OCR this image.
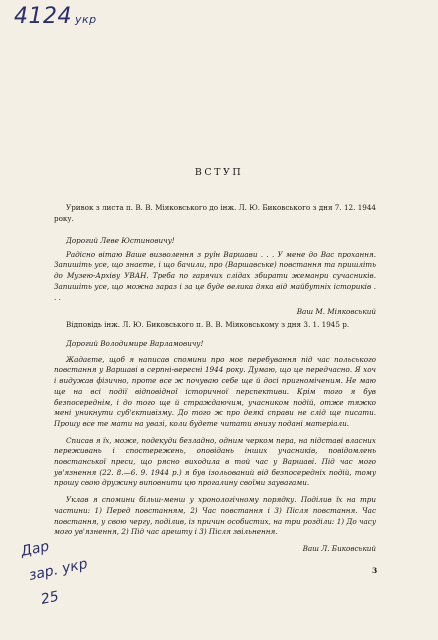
4124 укр
ВСТУП

Уривок з листа п. В. В. Міяковського до інж. Л. Ю. Биковського з дня 7. 12. 1944 року.

Дорогий Леве Юстиновичу!

Радісно вітаю Ваше визволення з руїн Варшави . . . У мене до Вас прохання. Запишіть усе, що знаєте, і що бачили, про (Варшавське) повстання та пришліть до Музею-Архіву УВАН. Треба по гарячих слідах збирати жеманри сучасників. Запишіть усе, що можна зараз і за це буде велика дяка від майбутніх істориків . . .

Ваш М. Міяковський

Відповідь інж. Л. Ю. Биковського п. В. В. Міяковському з дня 3. 1. 1945 р.

Дорогий Володимире Варламовичу!

Жадаєте, щоб я написав спомини про моє перебування під час польського повстання у Варшаві в серпні-вересні 1944 року. Думаю, що це передчасно. Я хоч і видужав фізично, проте все ж почуваю себе ще й досі пригноміченим. Не маю ще на всі події відповідної історичної перспективи. Крім того я був безпосереднім, і до того ще й страждаючим, учасником подій, отже тяжко мені уникнути суб'єктивізму. До того ж про деякі справи не слід ще писати. Прошу все те мати на увазі, коли будете читати внизу подані матеріали.

Списав я їх, може, подекуди безладно, одним черком пера, на підставі власних переживань і спостережень, оповідань інших учасників, повідомлень повстанської преси, що рясно виходила в той час у Варшаві. Під час мого ув'язнення (22. 8.—6. 9. 1944 р.) я був ізольований від безпосередніх подій, тому прошу свою дружину виповнити цю прогалину своїми заувагами.

Уклав я спомини більш-менш у хронологічному порядку. Поділив їх на три частини: 1) Перед повстанням, 2) Час повстання і 3) Після повстання. Час повстання, у свою чергу, поділив, із причин особистих, на три розділи: 1) До часу мого ув'язнення, 2) Під час арешту і 3) Після звільнення.

Ваш Л. Биковський

3
Дар
зар. укр
25
